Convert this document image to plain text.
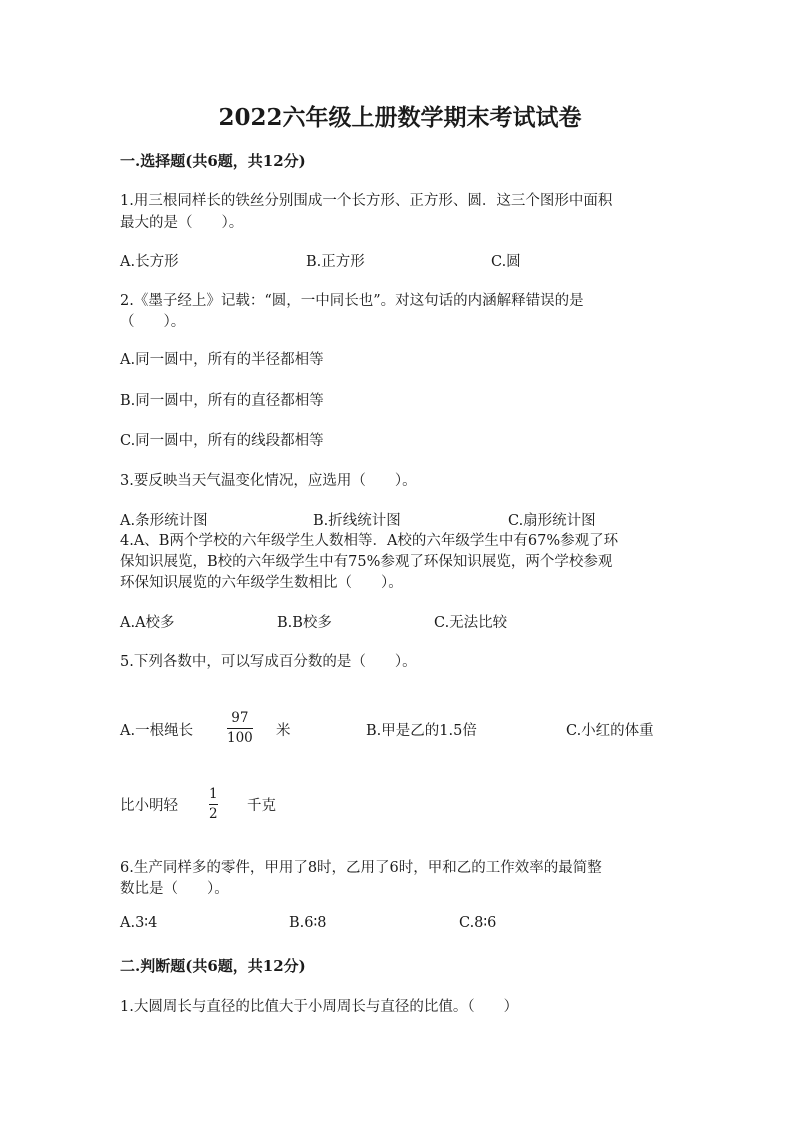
2022六年级上册数学期末考试试卷
一.选择题(共6题，共12分)
1.用三根同样长的铁丝分别围成一个长方形、正方形、圆．这三个图形中面积
最大的是（　　）。
A.长方形	B.正方形	C.圆
2.《墨子经上》记载：“圆，一中同长也”。对这句话的内涵解释错误的是
（　　）。
A.同一圆中，所有的半径都相等
B.同一圆中，所有的直径都相等
C.同一圆中，所有的线段都相等
3.要反映当天气温变化情况，应选用（　　）。
A.条形统计图	B.折线统计图	C.扇形统计图
4.A、B两个学校的六年级学生人数相等．A校的六年级学生中有67%参观了环
保知识展览，B校的六年级学生中有75%参观了环保知识展览，两个学校参观
环保知识展览的六年级学生数相比（　　）。
A.A校多	B.B校多	C.无法比较
5.下列各数中，可以写成百分数的是（　　）。
A.一根绳长
97
100 米	B.甲是乙的1.5倍	C.小红的体重
比小明轻
1
2 千克
6.生产同样多的零件，甲用了8时，乙用了6时，甲和乙的工作效率的最简整
数比是（　　）。
A.3∶4	B.6∶8	C.8∶6
二.判断题(共6题，共12分)
1.大圆周长与直径的比值大于小周周长与直径的比值。（　　）
